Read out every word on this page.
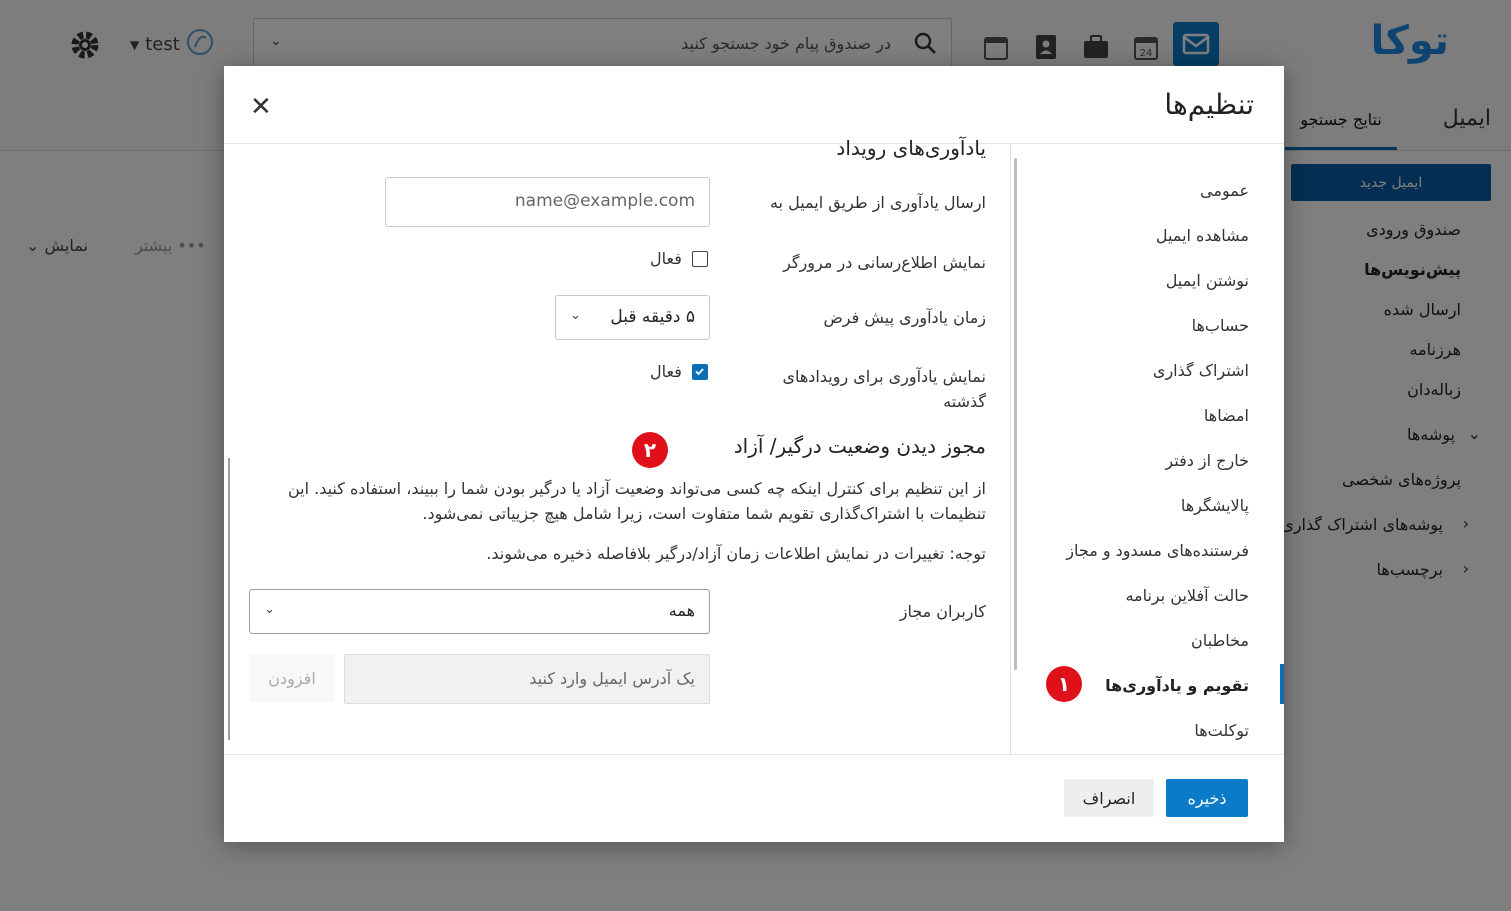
تنظیم‌ها
✕
عمومی
مشاهده ایمیل
نوشتن ایمیل
حساب‌ها
اشتراک گذاری
امضاها
خارج از دفتر
پالایشگرها
فرستنده‌های مسدود و مجاز
حالت آفلاین برنامه
مخاطبان
تقویم و یادآوری‌ها
۱
توکلت‌ها
یادآوری‌های رویداد
ارسال یادآوری از طریق ایمیل به
name@example.com
نمایش اطلاع‌رسانی در مرورگر
فعال
زمان یادآوری پیش فرض
۵ دقیقه قبل
⌄
نمایش یادآوری برای رویدادهای گذشته
فعال
مجوز دیدن وضعیت درگیر/ آزاد
۲
از این تنظیم برای کنترل اینکه چه کسی می‌تواند وضعیت آزاد یا درگیر بودن شما را ببیند، استفاده کنید. این تنظیمات با اشتراک‌گذاری تقویم شما متفاوت است، زیرا شامل هیچ جزییاتی نمی‌شود.
توجه: تغییرات در نمایش اطلاعات زمان آزاد/درگیر بلافاصله ذخیره می‌شوند.
کاربران مجاز
همه
⌄
یک آدرس ایمیل وارد کنید
افزودن
ذخیره
انصراف
